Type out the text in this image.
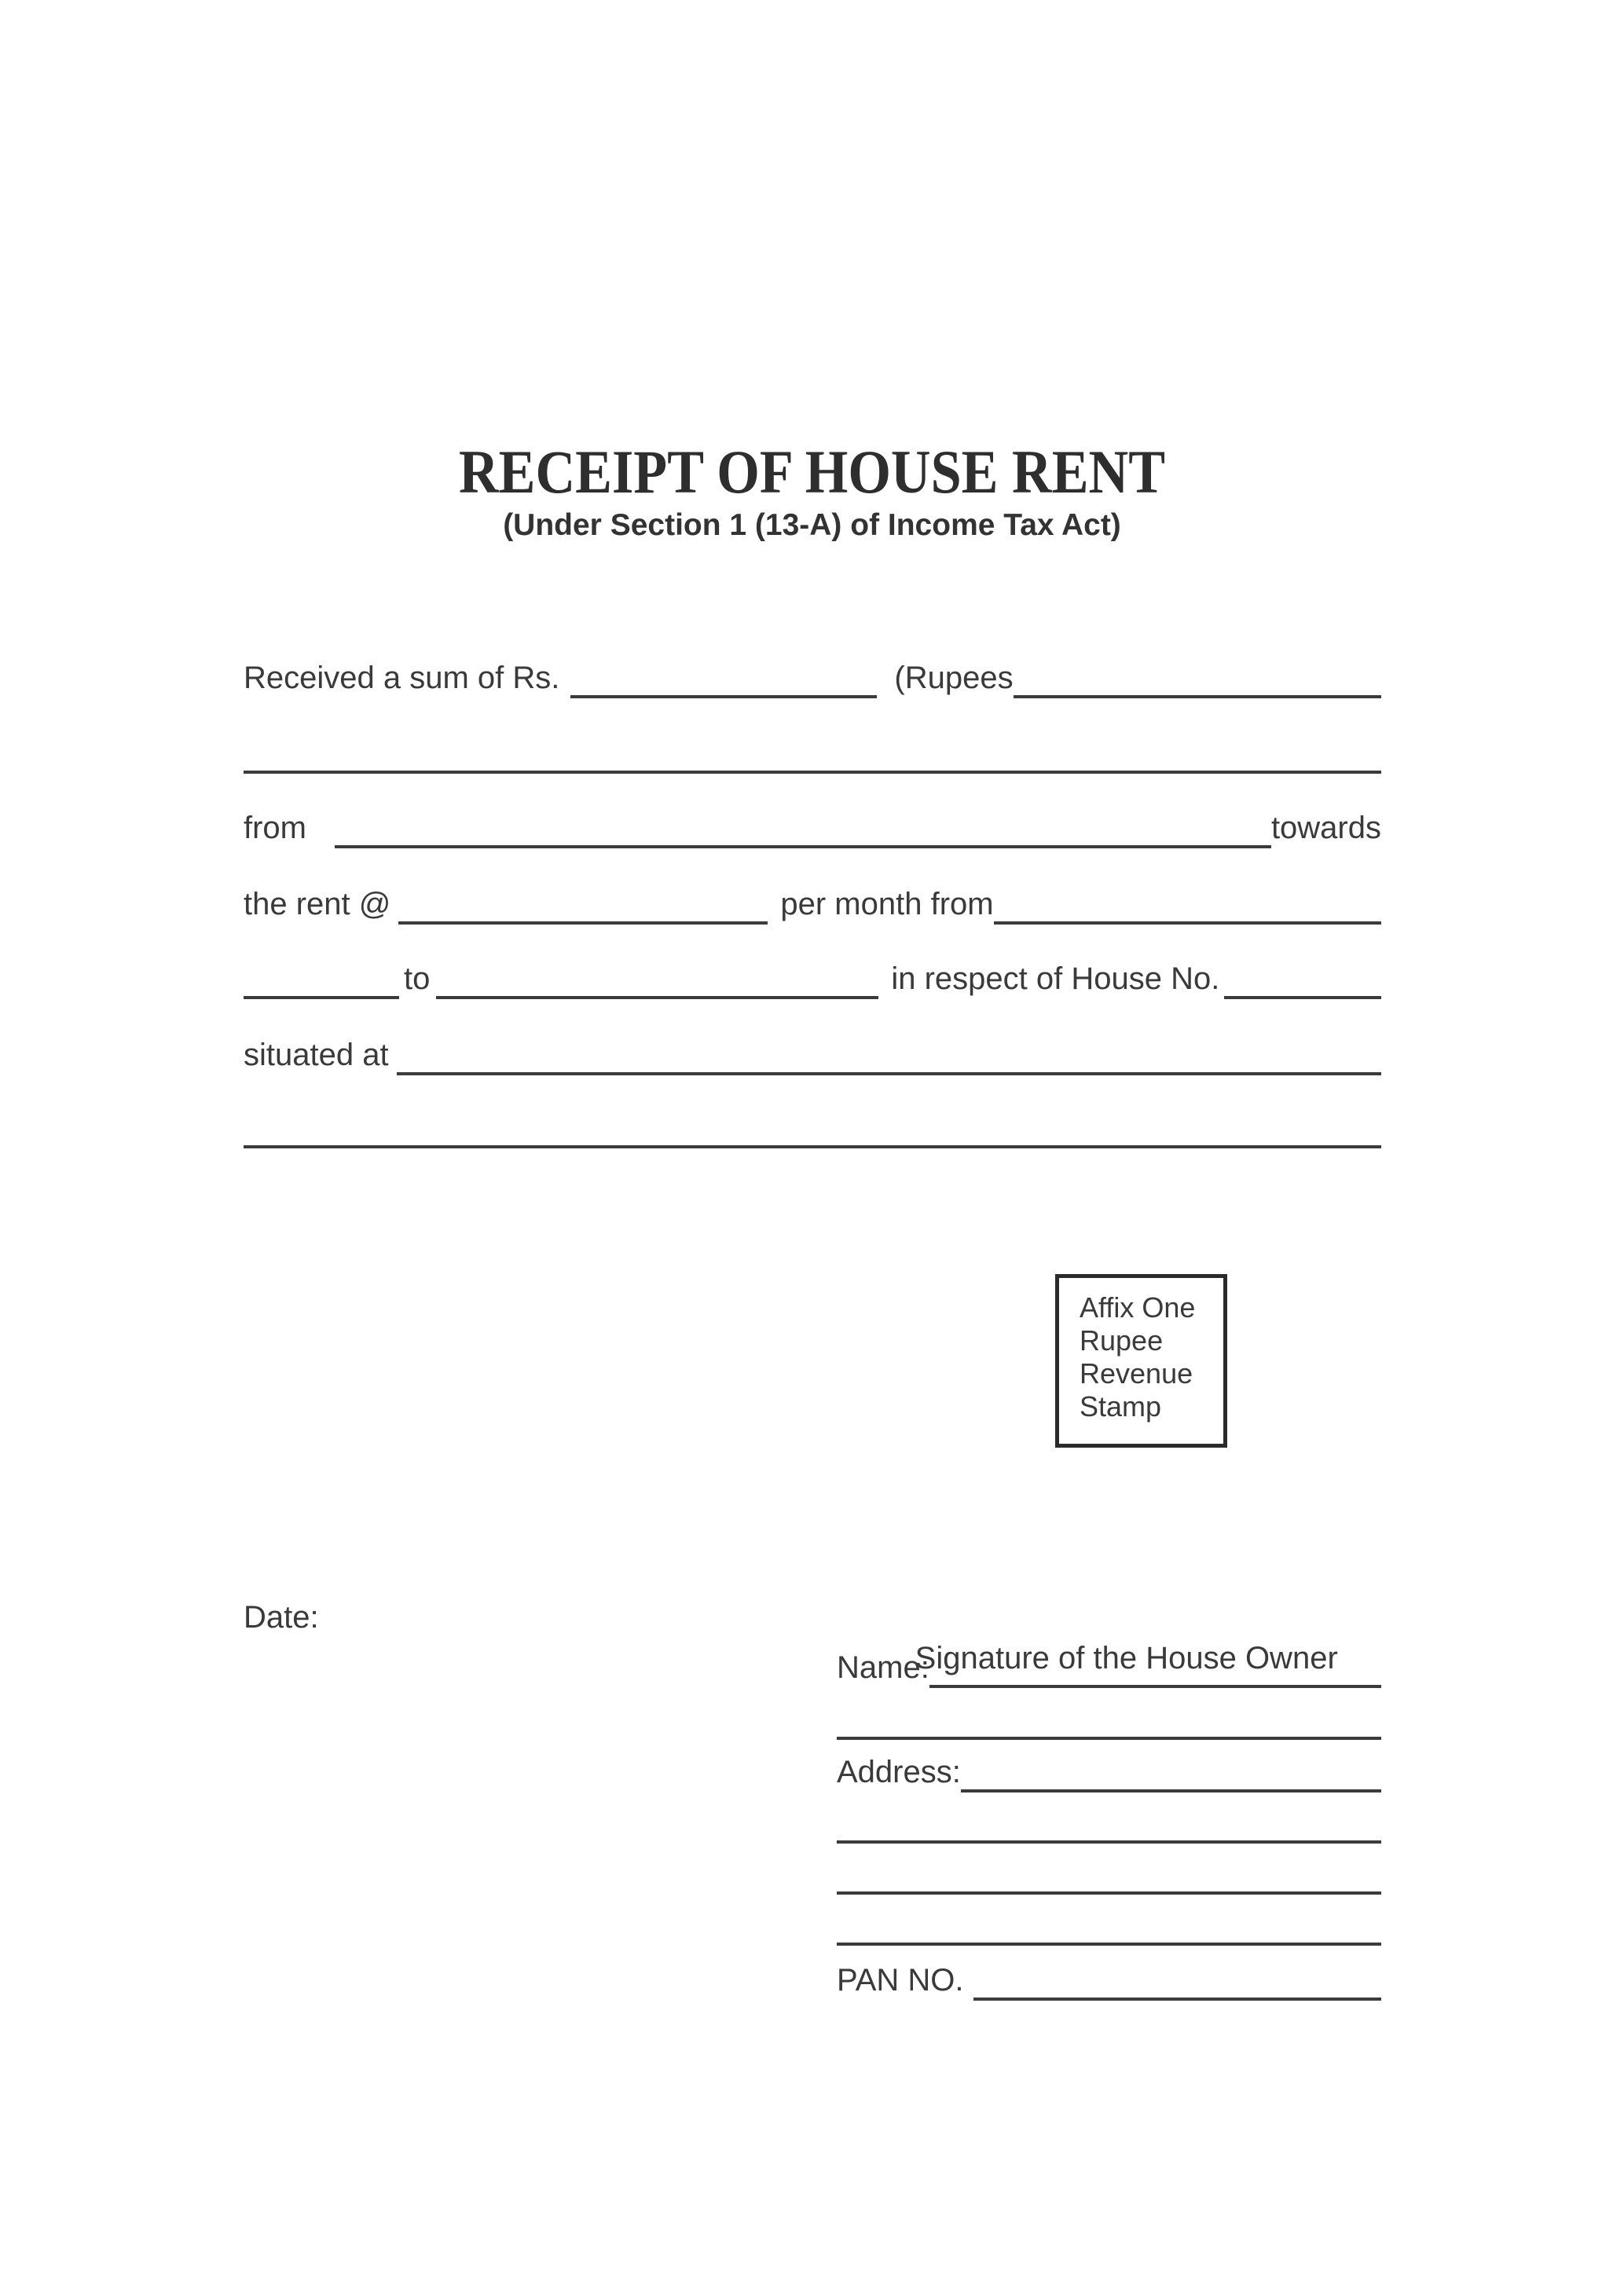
RECEIPT OF HOUSE RENT
(Under Section 1 (13-A) of Income Tax Act)
Received a sum of Rs.	(Rupees
from	towards
the rent @	per month from
to	in respect of House No.
situated at
Affix One
Rupee
Revenue
Stamp
Date:

Signature of the House Owner

Name:
Address:
PAN NO.
